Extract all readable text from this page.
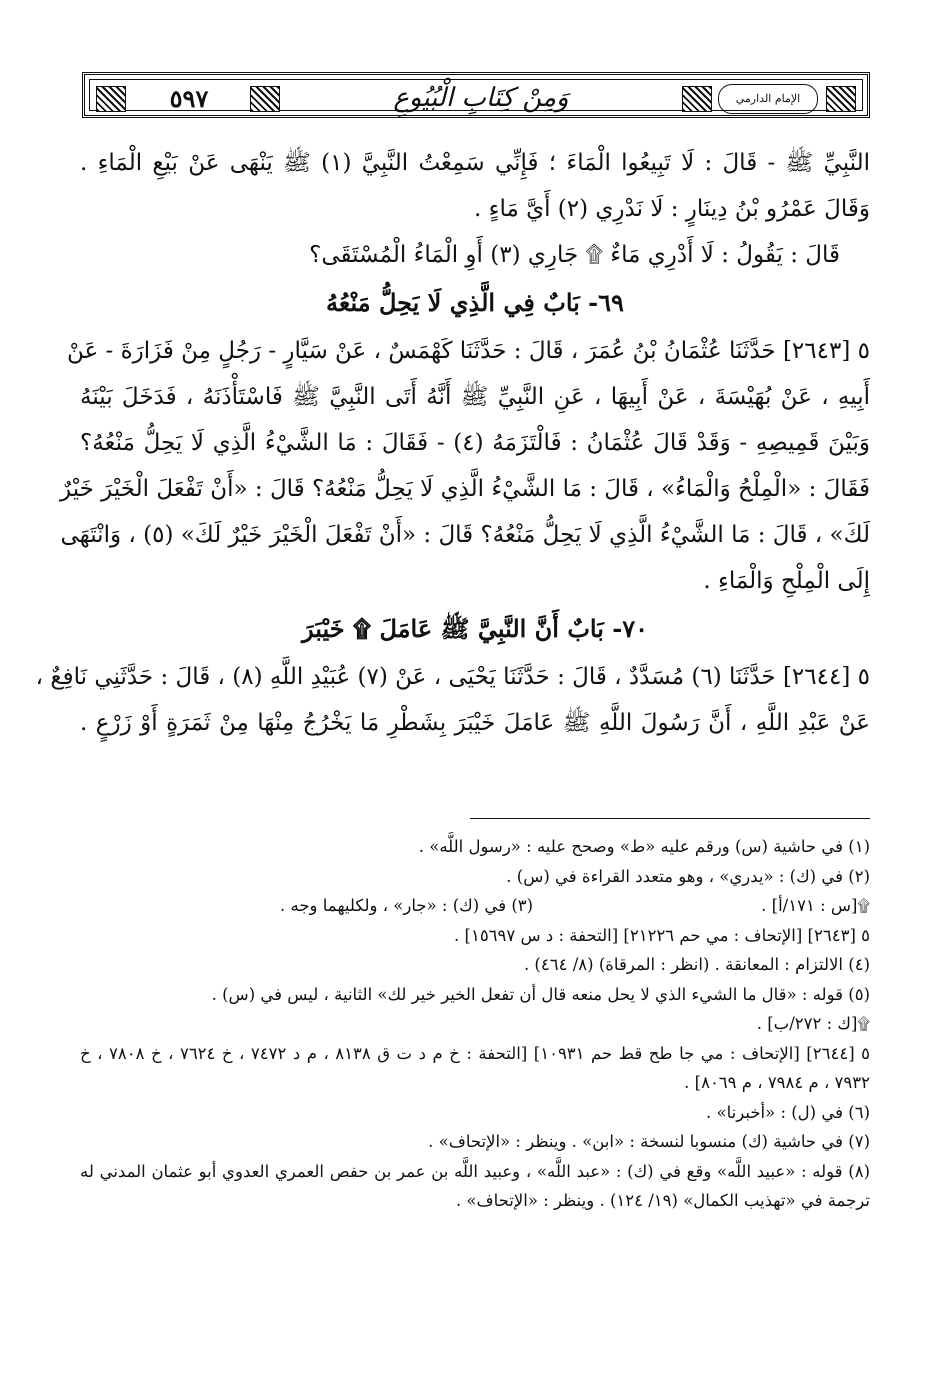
٥٩٧	وَمِنْ كِتَابِ الْبُيُوعِ	الإمام الدارمي
النَّبِيِّ ﷺ - قَالَ : لَا تَبِيعُوا الْمَاءَ ؛ فَإِنِّي سَمِعْتُ النَّبِيَّ (١) ﷺ يَنْهَى عَنْ بَيْعِ الْمَاءِ .
وَقَالَ عَمْرُو بْنُ دِينَارٍ : لَا نَدْرِي (٢) أَيَّ مَاءٍ .
قَالَ : يَقُولُ : لَا أَدْرِي مَاءٌ ۩ جَارِي (٣) أَوِ الْمَاءُ الْمُسْتَقَى؟
٦٩- بَابٌ فِي الَّذِي لَا يَحِلُّ مَنْعُهُ
٥ [٢٦٤٣] حَدَّثَنَا عُثْمَانُ بْنُ عُمَرَ ، قَالَ : حَدَّثَنَا كَهْمَسٌ ، عَنْ سَيَّارٍ - رَجُلٍ مِنْ فَزَارَةَ - عَنْ
أَبِيهِ ، عَنْ بُهَيْسَةَ ، عَنْ أَبِيهَا ، عَنِ النَّبِيِّ ﷺ أَنَّهُ أَتَى النَّبِيَّ ﷺ فَاسْتَأْذَنَهُ ، فَدَخَلَ بَيْنَهُ
وَبَيْنَ قَمِيصِهِ - وَقَدْ قَالَ عُثْمَانُ : فَالْتَزَمَهُ (٤) - فَقَالَ : مَا الشَّيْءُ الَّذِي لَا يَحِلُّ مَنْعُهُ؟
فَقَالَ : «الْمِلْحُ وَالْمَاءُ» ، قَالَ : مَا الشَّيْءُ الَّذِي لَا يَحِلُّ مَنْعُهُ؟ قَالَ : «أَنْ تَفْعَلَ الْخَيْرَ خَيْرٌ
لَكَ» ، قَالَ : مَا الشَّيْءُ الَّذِي لَا يَحِلُّ مَنْعُهُ؟ قَالَ : «أَنْ تَفْعَلَ الْخَيْرَ خَيْرٌ لَكَ» (٥) ، وَانْتَهَى
إِلَى الْمِلْحِ وَالْمَاءِ .
٧٠- بَابٌ أَنَّ النَّبِيَّ ﷺ عَامَلَ ۩ خَيْبَرَ
٥ [٢٦٤٤] حَدَّثَنَا (٦) مُسَدَّدٌ ، قَالَ : حَدَّثَنَا يَحْيَى ، عَنْ (٧) عُبَيْدِ اللَّهِ (٨) ، قَالَ : حَدَّثَنِي نَافِعٌ ،
عَنْ عَبْدِ اللَّهِ ، أَنَّ رَسُولَ اللَّهِ ﷺ عَامَلَ خَيْبَرَ بِشَطْرِ مَا يَخْرُجُ مِنْهَا مِنْ ثَمَرَةٍ أَوْ زَرْعٍ .
(١) في حاشية (س) ورقم عليه «ط» وصحح عليه : «رسول اللَّه» .
(٢) في (ك) : «يدري» ، وهو متعدد القراءة في (س) .
۩[س : ١٧١/أ] .
(٣) في (ك) : «جار» ، ولكليهما وجه .
٥ [٢٦٤٣] [الإتحاف : مي حم ٢١٢٢٦] [التحفة : د س ١٥٦٩٧] .
(٤) الالتزام : المعانقة . (انظر : المرقاة) (٨/ ٤٦٤) .
(٥) قوله : «قال ما الشيء الذي لا يحل منعه قال أن تفعل الخير خير لك» الثانية ، ليس في (س) .
۩[ك : ٢٧٢/ب] .
٥ [٢٦٤٤] [الإتحاف : مي جا طح قط حم ١٠٩٣١] [التحفة : خ م د ت ق ٨١٣٨ ، م د ٧٤٧٢ ، خ ٧٦٢٤ ، خ ٧٨٠٨ ، خ ٧٩٣٢ ، م ٧٩٨٤ ، م ٨٠٦٩] .
(٦) في (ل) : «أخبرنا» .
(٧) في حاشية (ك) منسوبا لنسخة : «ابن» . وينظر : «الإتحاف» .
(٨) قوله : «عبيد اللَّه» وقع في (ك) : «عبد اللَّه» ، وعبيد اللَّه بن عمر بن حفص العمري العدوي أبو عثمان المدني له ترجمة في «تهذيب الكمال» (١٩/ ١٢٤) . وينظر : «الإتحاف» .
